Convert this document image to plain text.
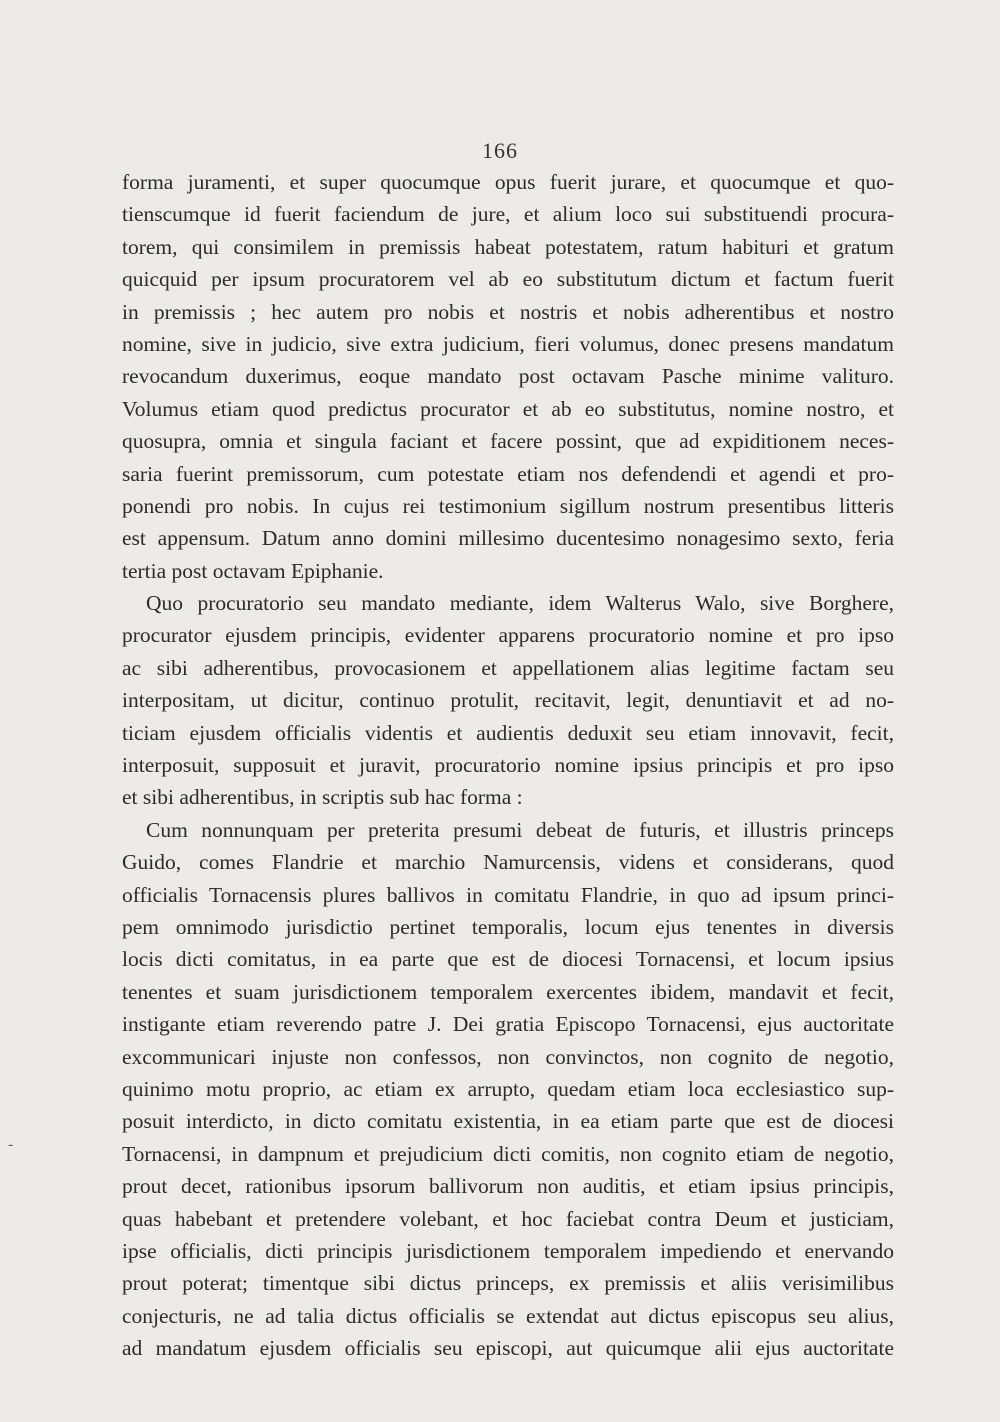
166
-
forma juramenti, et super quocumque opus fuerit jurare, et quocumque et quo-
tienscumque id fuerit faciendum de jure, et alium loco sui substituendi procura-
torem, qui consimilem in premissis habeat potestatem, ratum habituri et gratum
quicquid per ipsum procuratorem vel ab eo substitutum dictum et factum fuerit
in premissis ; hec autem pro nobis et nostris et nobis adherentibus et nostro
nomine, sive in judicio, sive extra judicium, fieri volumus, donec presens mandatum
revocandum duxerimus, eoque mandato post octavam Pasche minime valituro.
Volumus etiam quod predictus procurator et ab eo substitutus, nomine nostro, et
quosupra, omnia et singula faciant et facere possint, que ad expiditionem neces-
saria fuerint premissorum, cum potestate etiam nos defendendi et agendi et pro-
ponendi pro nobis. In cujus rei testimonium sigillum nostrum presentibus litteris
est appensum. Datum anno domini millesimo ducentesimo nonagesimo sexto, feria
tertia post octavam Epiphanie.
Quo procuratorio seu mandato mediante, idem Walterus Walo, sive Borghere,
procurator ejusdem principis, evidenter apparens procuratorio nomine et pro ipso
ac sibi adherentibus, provocasionem et appellationem alias legitime factam seu
interpositam, ut dicitur, continuo protulit, recitavit, legit, denuntiavit et ad no-
ticiam ejusdem officialis videntis et audientis deduxit seu etiam innovavit, fecit,
interposuit, supposuit et juravit, procuratorio nomine ipsius principis et pro ipso
et sibi adherentibus, in scriptis sub hac forma :
Cum nonnunquam per preterita presumi debeat de futuris, et illustris princeps
Guido, comes Flandrie et marchio Namurcensis, videns et considerans, quod
officialis Tornacensis plures ballivos in comitatu Flandrie, in quo ad ipsum princi-
pem omnimodo jurisdictio pertinet temporalis, locum ejus tenentes in diversis
locis dicti comitatus, in ea parte que est de diocesi Tornacensi, et locum ipsius
tenentes et suam jurisdictionem temporalem exercentes ibidem, mandavit et fecit,
instigante etiam reverendo patre J. Dei gratia Episcopo Tornacensi, ejus auctoritate
excommunicari injuste non confessos, non convinctos, non cognito de negotio,
quinimo motu proprio, ac etiam ex arrupto, quedam etiam loca ecclesiastico sup-
posuit interdicto, in dicto comitatu existentia, in ea etiam parte que est de diocesi
Tornacensi, in dampnum et prejudicium dicti comitis, non cognito etiam de negotio,
prout decet, rationibus ipsorum ballivorum non auditis, et etiam ipsius principis,
quas habebant et pretendere volebant, et hoc faciebat contra Deum et justiciam,
ipse officialis, dicti principis jurisdictionem temporalem impediendo et enervando
prout poterat; timentque sibi dictus princeps, ex premissis et aliis verisimilibus
conjecturis, ne ad talia dictus officialis se extendat aut dictus episcopus seu alius,
ad mandatum ejusdem officialis seu episcopi, aut quicumque alii ejus auctoritate
